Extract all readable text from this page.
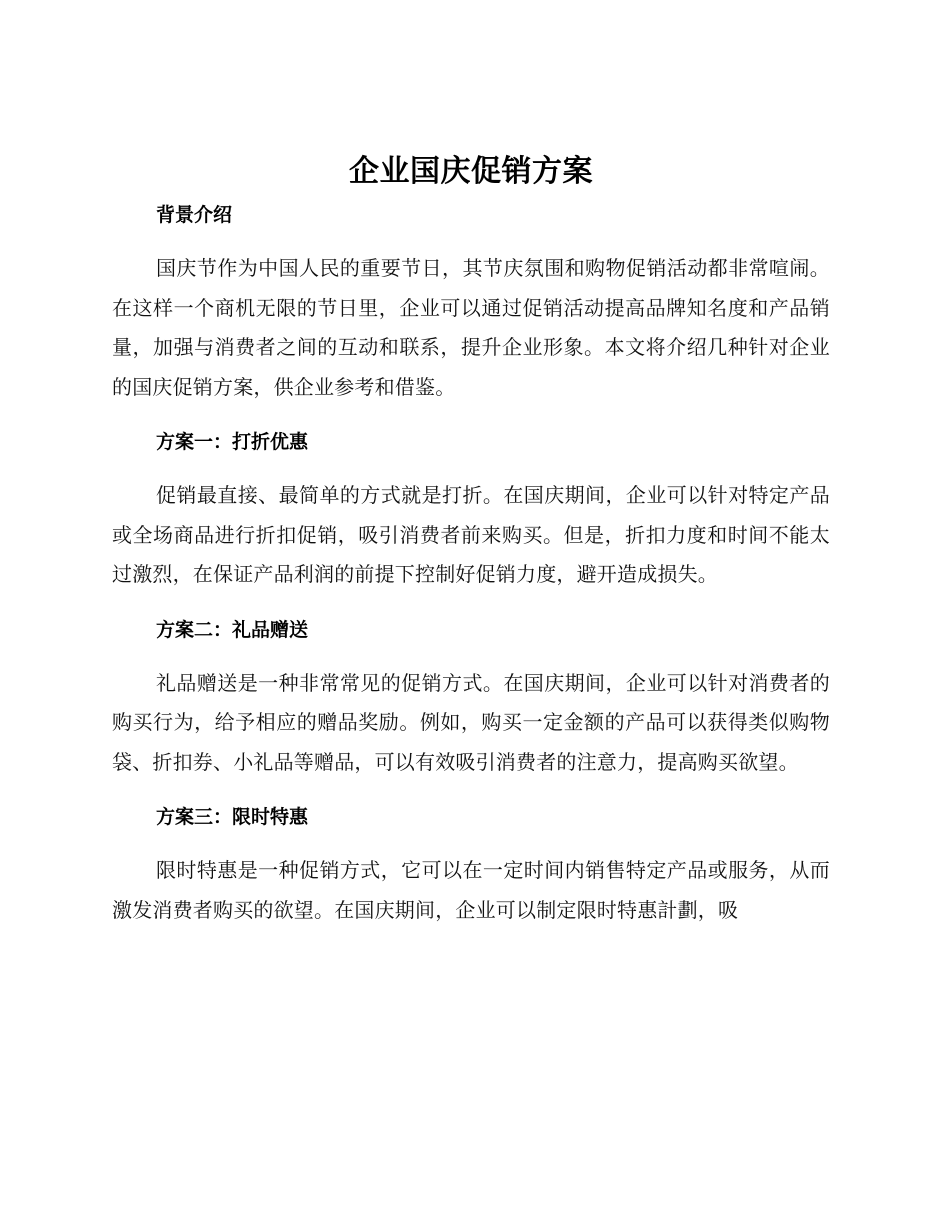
企业国庆促销方案
背景介绍

国庆节作为中国人民的重要节日，其节庆氛围和购物促销活动都非常喧闹。在这样一个商机无限的节日里，企业可以通过促销活动提高品牌知名度和产品销量，加强与消费者之间的互动和联系，提升企业形象。本文将介绍几种针对企业的国庆促销方案，供企业参考和借鉴。

方案一：打折优惠

促销最直接、最简单的方式就是打折。在国庆期间，企业可以针对特定产品或全场商品进行折扣促销，吸引消费者前来购买。但是，折扣力度和时间不能太过激烈，在保证产品利润的前提下控制好促销力度，避开造成损失。

方案二：礼品赠送

礼品赠送是一种非常常见的促销方式。在国庆期间，企业可以针对消费者的购买行为，给予相应的赠品奖励。例如，购买一定金额的产品可以获得类似购物袋、折扣券、小礼品等赠品，可以有效吸引消费者的注意力，提高购买欲望。

方案三：限时特惠

限时特惠是一种促销方式，它可以在一定时间内销售特定产品或服务，从而激发消费者购买的欲望。在国庆期间，企业可以制定限时特惠計劃，吸
